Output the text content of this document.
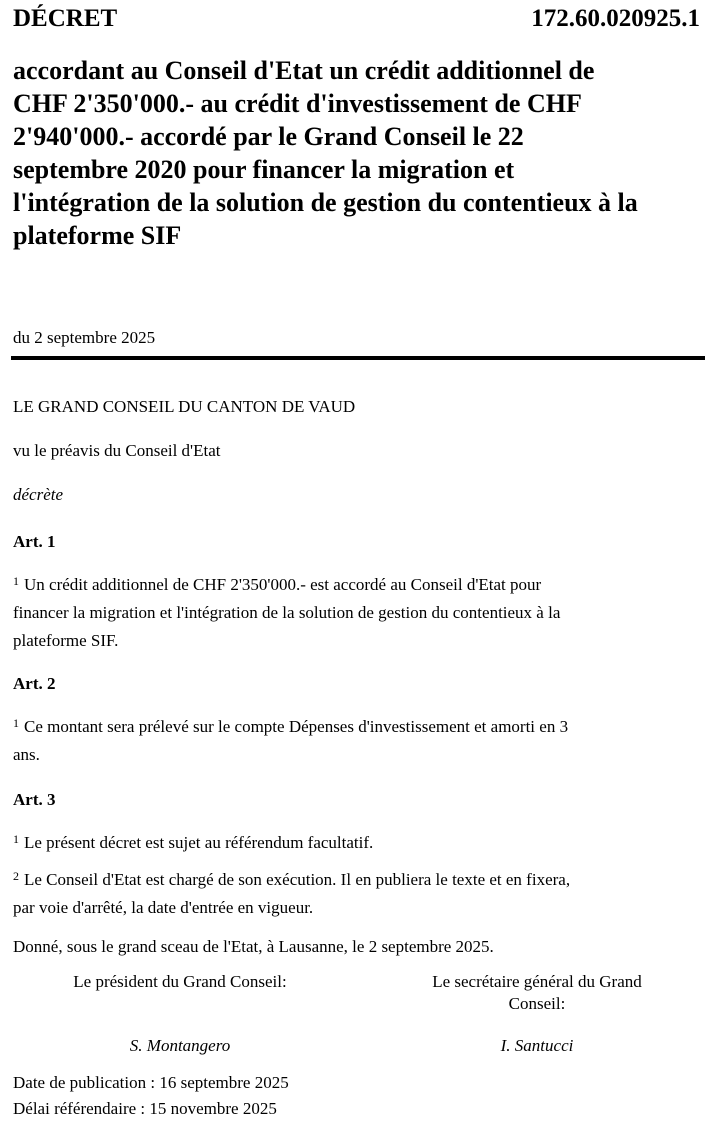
DÉCRET	172.60.020925.1
accordant au Conseil d'Etat un crédit additionnel de
CHF 2'350'000.- au crédit d'investissement de CHF
2'940'000.- accordé par le Grand Conseil le 22
septembre 2020 pour financer la migration et
l'intégration de la solution de gestion du contentieux à la
plateforme SIF
du 2 septembre 2025
LE GRAND CONSEIL DU CANTON DE VAUD
vu le préavis du Conseil d'Etat
décrète
Art. 1
$^1$ Un crédit additionnel de CHF 2'350'000.- est accordé au Conseil d'Etat pour
financer la migration et l'intégration de la solution de gestion du contentieux à la
plateforme SIF.
Art. 2
$^1$ Ce montant sera prélevé sur le compte Dépenses d'investissement et amorti en 3
ans.
Art. 3
$^1$ Le présent décret est sujet au référendum facultatif.
$^2$ Le Conseil d'Etat est chargé de son exécution. Il en publiera le texte et en fixera,
par voie d'arrêté, la date d'entrée en vigueur.
Donné, sous le grand sceau de l'Etat, à Lausanne, le 2 septembre 2025.
Le président du Grand Conseil:
S. Montangero
Le secrétaire général du Grand
Conseil:
I. Santucci
Date de publication : 16 septembre 2025
Délai référendaire : 15 novembre 2025
